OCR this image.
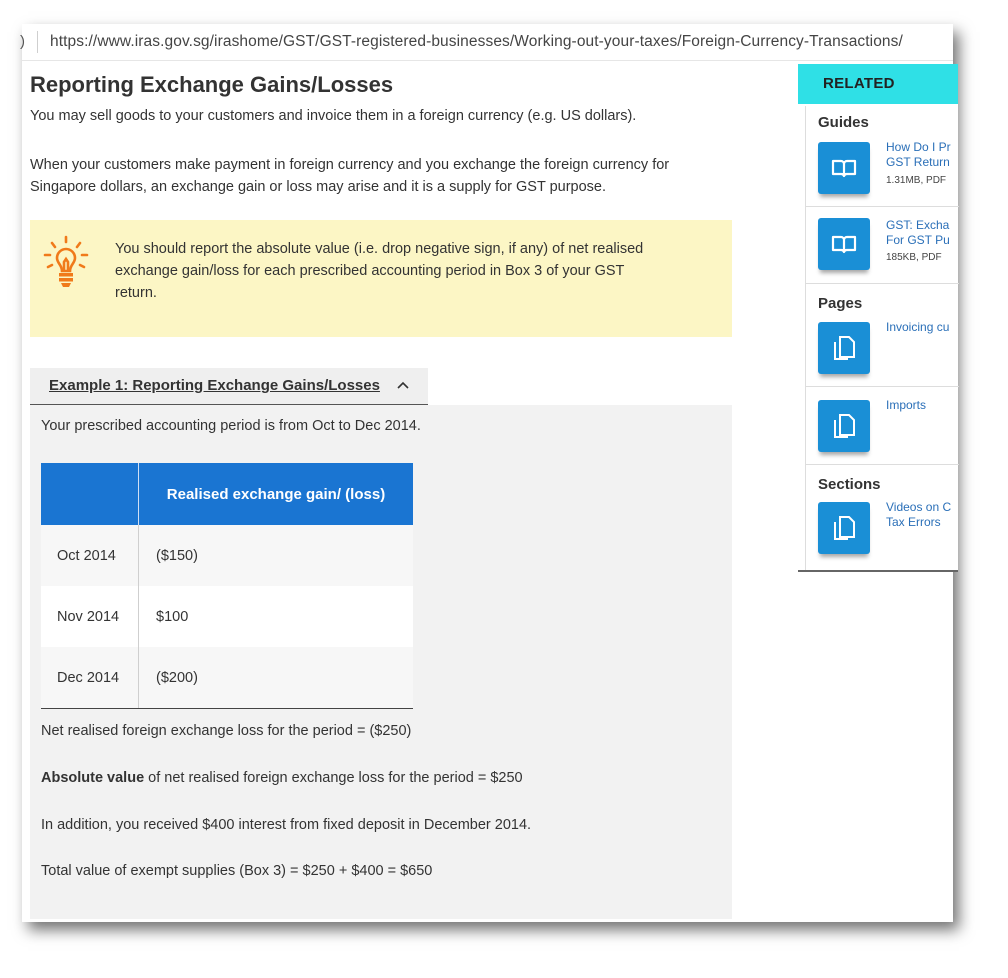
) https://www.iras.gov.sg/irashome/GST/GST-registered-businesses/Working-out-your-taxes/Foreign-Currency-Transactions/
Reporting Exchange Gains/Losses
You may sell goods to your customers and invoice them in a foreign currency (e.g. US dollars).
When your customers make payment in foreign currency and you exchange the foreign currency for Singapore dollars, an exchange gain or loss may arise and it is a supply for GST purpose.
You should report the absolute value (i.e. drop negative sign, if any) of net realised exchange gain/loss for each prescribed accounting period in Box 3 of your GST return.
Example 1: Reporting Exchange Gains/Losses
Your prescribed accounting period is from Oct to Dec 2014.
	Realised exchange gain/ (loss)
Oct 2014	($150)
Nov 2014	$100
Dec 2014	($200)
Net realised foreign exchange loss for the period = ($250)
Absolute value of net realised foreign exchange loss for the period = $250
In addition, you received $400 interest from fixed deposit in December 2014.
Total value of exempt supplies (Box 3) = $250 + $400 = $650
RELATED
Guides
How Do I Pr
GST Return
1.31MB, PDF
GST: Excha
For GST Pu
185KB, PDF
Pages
Invoicing cu
Imports
Sections
Videos on C
Tax Errors
